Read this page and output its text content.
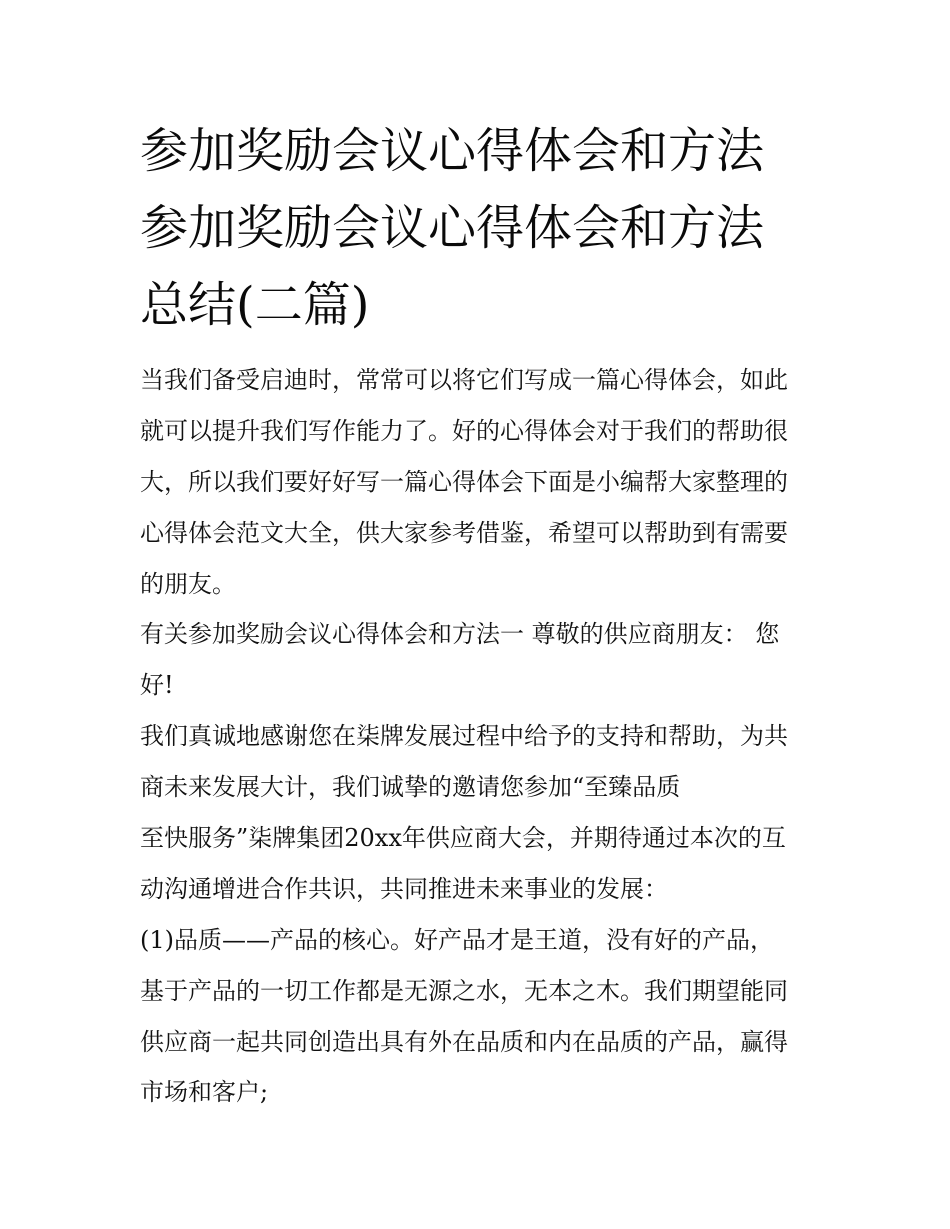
参加奖励会议心得体会和方法
参加奖励会议心得体会和方法
总结(二篇)
当我们备受启迪时，常常可以将它们写成一篇心得体会，如此
就可以提升我们写作能力了。好的心得体会对于我们的帮助很
大，所以我们要好好写一篇心得体会下面是小编帮大家整理的
心得体会范文大全，供大家参考借鉴，希望可以帮助到有需要
的朋友。
有关参加奖励会议心得体会和方法一 尊敬的供应商朋友： 您
好!
我们真诚地感谢您在柒牌发展过程中给予的支持和帮助，为共
商未来发展大计，我们诚挚的邀请您参加“至臻品质
至快服务”柒牌集团20xx年供应商大会，并期待通过本次的互
动沟通增进合作共识，共同推进未来事业的发展：
(1)品质——产品的核心。好产品才是王道，没有好的产品，
基于产品的一切工作都是无源之水，无本之木。我们期望能同
供应商一起共同创造出具有外在品质和内在品质的产品，赢得
市场和客户;
